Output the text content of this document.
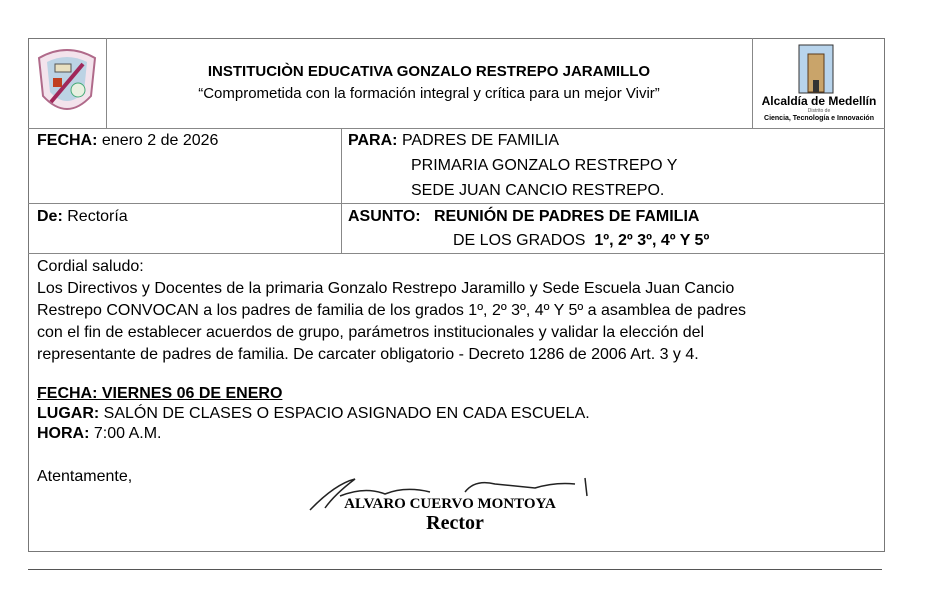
INSTITUCIÒN EDUCATIVA GONZALO RESTREPO JARAMILLO
“Comprometida con la formación integral y crítica para un mejor Vivir”	Alcaldía de Medellín
Distrito de
Ciencia, Tecnología e Innovación
FECHA: enero 2 de 2026	PARA: PADRES DE FAMILIA
PRIMARIA GONZALO RESTREPO Y
SEDE JUAN CANCIO RESTREPO.
De: Rectoría	ASUNTO: REUNIÓN DE PADRES DE FAMILIA
DE LOS GRADOS 1º, 2º 3º, 4º Y 5º
Cordial saludo:
Los Directivos y Docentes de la primaria Gonzalo Restrepo Jaramillo y Sede Escuela Juan Cancio
Restrepo CONVOCAN a los padres de familia de los grados 1º, 2º 3º, 4º Y 5º a asamblea de padres
con el fin de establecer acuerdos de grupo, parámetros institucionales y validar la elección del
representante de padres de familia. De carcater obligatorio - Decreto 1286 de 2006 Art. 3 y 4.
FECHA: VIERNES 06 DE ENERO
LUGAR: SALÓN DE CLASES O ESPACIO ASIGNADO EN CADA ESCUELA.
HORA: 7:00 A.M.
Atentamente,
ALVARO CUERVO MONTOYA
Rector
